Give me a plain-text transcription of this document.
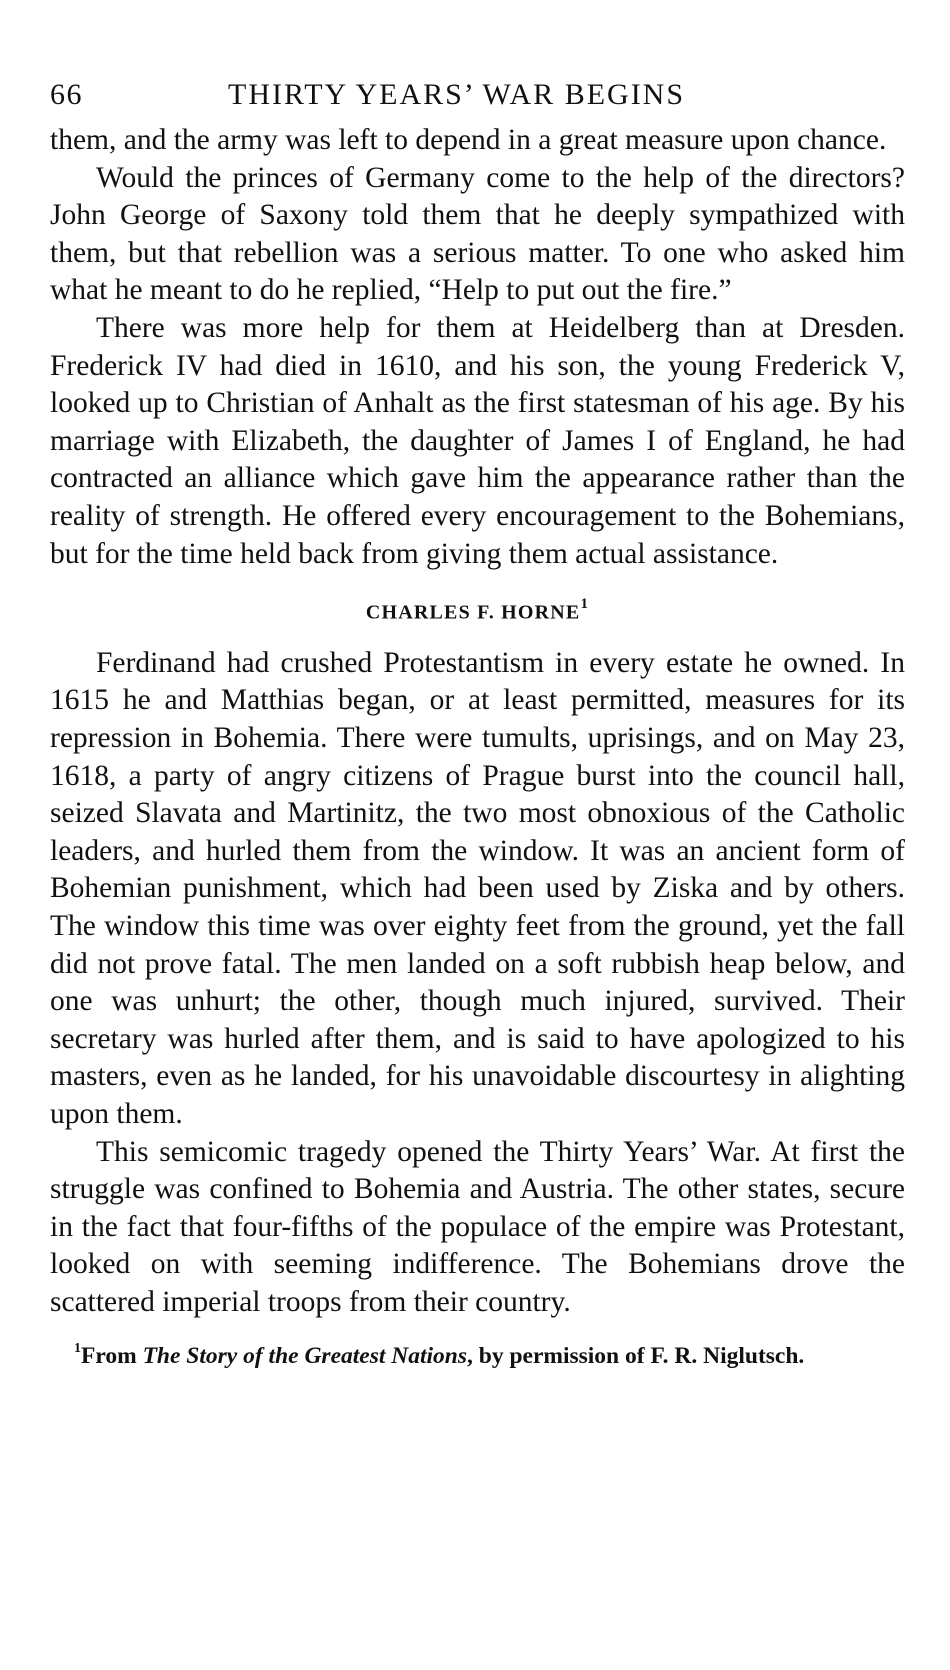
66	THIRTY YEARS’ WAR BEGINS

them, and the army was left to depend in a great measure upon chance.

Would the princes of Germany come to the help of the directors? John George of Saxony told them that he deeply sympathized with them, but that rebellion was a serious matter. To one who asked him what he meant to do he replied, “Help to put out the fire.”

There was more help for them at Heidelberg than at Dresden. Frederick IV had died in 1610, and his son, the young Frederick V, looked up to Christian of Anhalt as the first statesman of his age. By his marriage with Elizabeth, the daughter of James I of England, he had contracted an alliance which gave him the appearance rather than the reality of strength. He offered every encouragement to the Bohemians, but for the time held back from giving them actual assistance.

CHARLES F. HORNE$^1$

Ferdinand had crushed Protestantism in every estate he owned. In 1615 he and Matthias began, or at least permitted, measures for its repression in Bohemia. There were tumults, uprisings, and on May 23, 1618, a party of angry citizens of Prague burst into the council hall, seized Slavata and Martinitz, the two most obnoxious of the Catholic leaders, and hurled them from the window. It was an ancient form of Bohemian punishment, which had been used by Ziska and by others. The window this time was over eighty feet from the ground, yet the fall did not prove fatal. The men landed on a soft rubbish heap below, and one was unhurt; the other, though much injured, survived. Their secretary was hurled after them, and is said to have apologized to his masters, even as he landed, for his unavoidable discourtesy in alighting upon them.

This semicomic tragedy opened the Thirty Years’ War. At first the struggle was confined to Bohemia and Austria. The other states, secure in the fact that four-fifths of the populace of the empire was Protestant, looked on with seeming indifference. The Bohemians drove the scattered imperial troops from their country.

$^1$From The Story of the Greatest Nations, by permission of F. R. Niglutsch.
